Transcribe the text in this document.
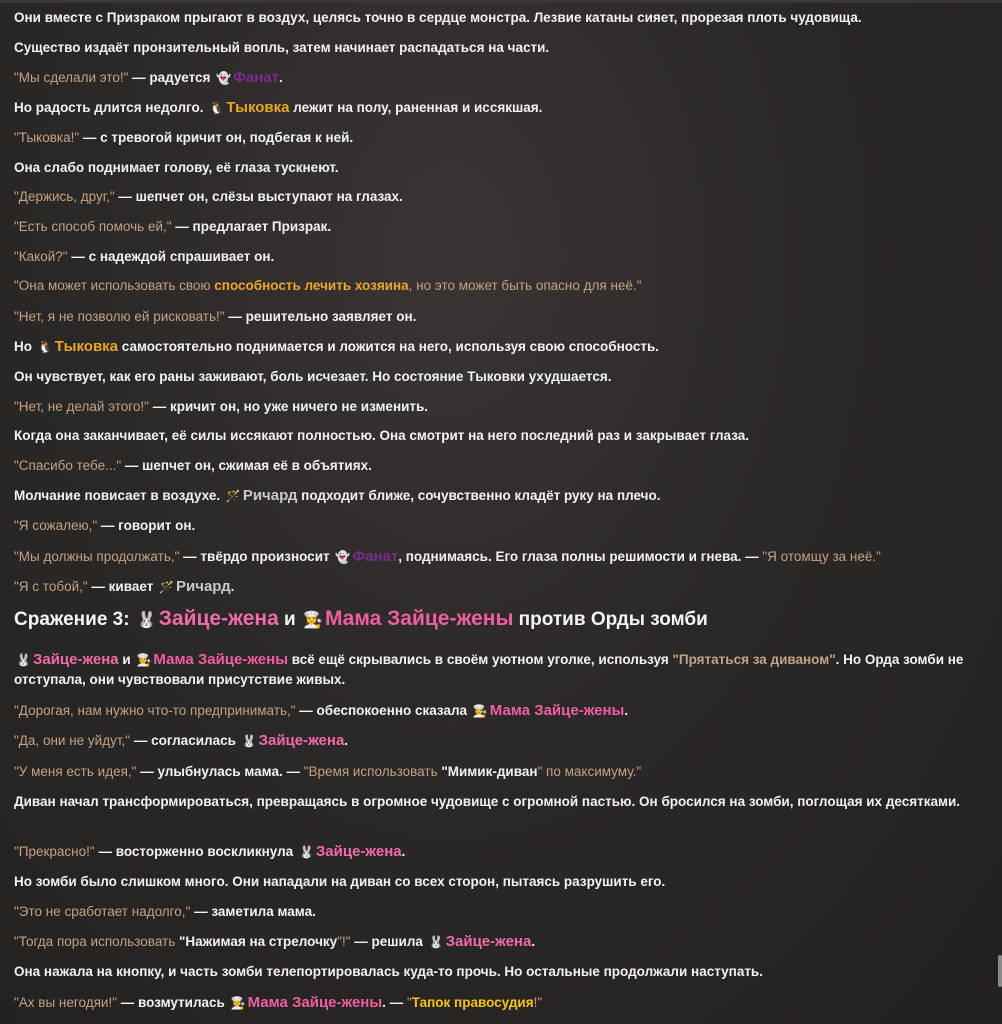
Они вместе с Призраком прыгают в воздух, целясь точно в сердце монстра. Лезвие катаны сияет, прорезая плоть чудовища.

Существо издаёт пронзительный вопль, затем начинает распадаться на части.

"Мы сделали это!" — радуется 👻 Фанат.

Но радость длится недолго. 🐧 Тыковка лежит на полу, раненная и иссякшая.

"Тыковка!" — с тревогой кричит он, подбегая к ней.

Она слабо поднимает голову, её глаза тускнеют.

"Держись, друг," — шепчет он, слёзы выступают на глазах.

"Есть способ помочь ей," — предлагает Призрак.

"Какой?" — с надеждой спрашивает он.

"Она может использовать свою способность лечить хозяина, но это может быть опасно для неё."

"Нет, я не позволю ей рисковать!" — решительно заявляет он.

Но 🐧 Тыковка самостоятельно поднимается и ложится на него, используя свою способность.

Он чувствует, как его раны заживают, боль исчезает. Но состояние Тыковки ухудшается.

"Нет, не делай этого!" — кричит он, но уже ничего не изменить.

Когда она заканчивает, её силы иссякают полностью. Она смотрит на него последний раз и закрывает глаза.

"Спасибо тебе..." — шепчет он, сжимая её в объятиях.

Молчание повисает в воздухе. 🪄 Ричард подходит ближе, сочувственно кладёт руку на плечо.

"Я сожалею," — говорит он.

"Мы должны продолжать," — твёрдо произносит 👻 Фанат, поднимаясь. Его глаза полны решимости и гнева. — "Я отомщу за неё."

"Я с тобой," — кивает 🪄 Ричард.

Сражение 3: 🐰Зайце-жена и 👩‍🍳Мама Зайце-жены против Орды зомби

🐰 Зайце-жена и 👩‍🍳 Мама Зайце-жены всё ещё скрывались в своём уютном уголке, используя "Прятаться за диваном". Но Орда зомби не отступала, они чувствовали присутствие живых.

"Дорогая, нам нужно что-то предпринимать," — обеспокоенно сказала 👩‍🍳 Мама Зайце-жены.

"Да, они не уйдут," — согласилась 🐰 Зайце-жена.

"У меня есть идея," — улыбнулась мама. — "Время использовать "Мимик-диван" по максимуму."

Диван начал трансформироваться, превращаясь в огромное чудовище с огромной пастью. Он бросился на зомби, поглощая их десятками.

"Прекрасно!" — восторженно воскликнула 🐰 Зайце-жена.

Но зомби было слишком много. Они нападали на диван со всех сторон, пытаясь разрушить его.

"Это не сработает надолго," — заметила мама.

"Тогда пора использовать "Нажимая на стрелочку"!" — решила 🐰 Зайце-жена.

Она нажала на кнопку, и часть зомби телепортировалась куда-то прочь. Но остальные продолжали наступать.

"Ах вы негодяи!" — возмутилась 👩‍🍳 Мама Зайце-жены. — "Тапок правосудия!"
